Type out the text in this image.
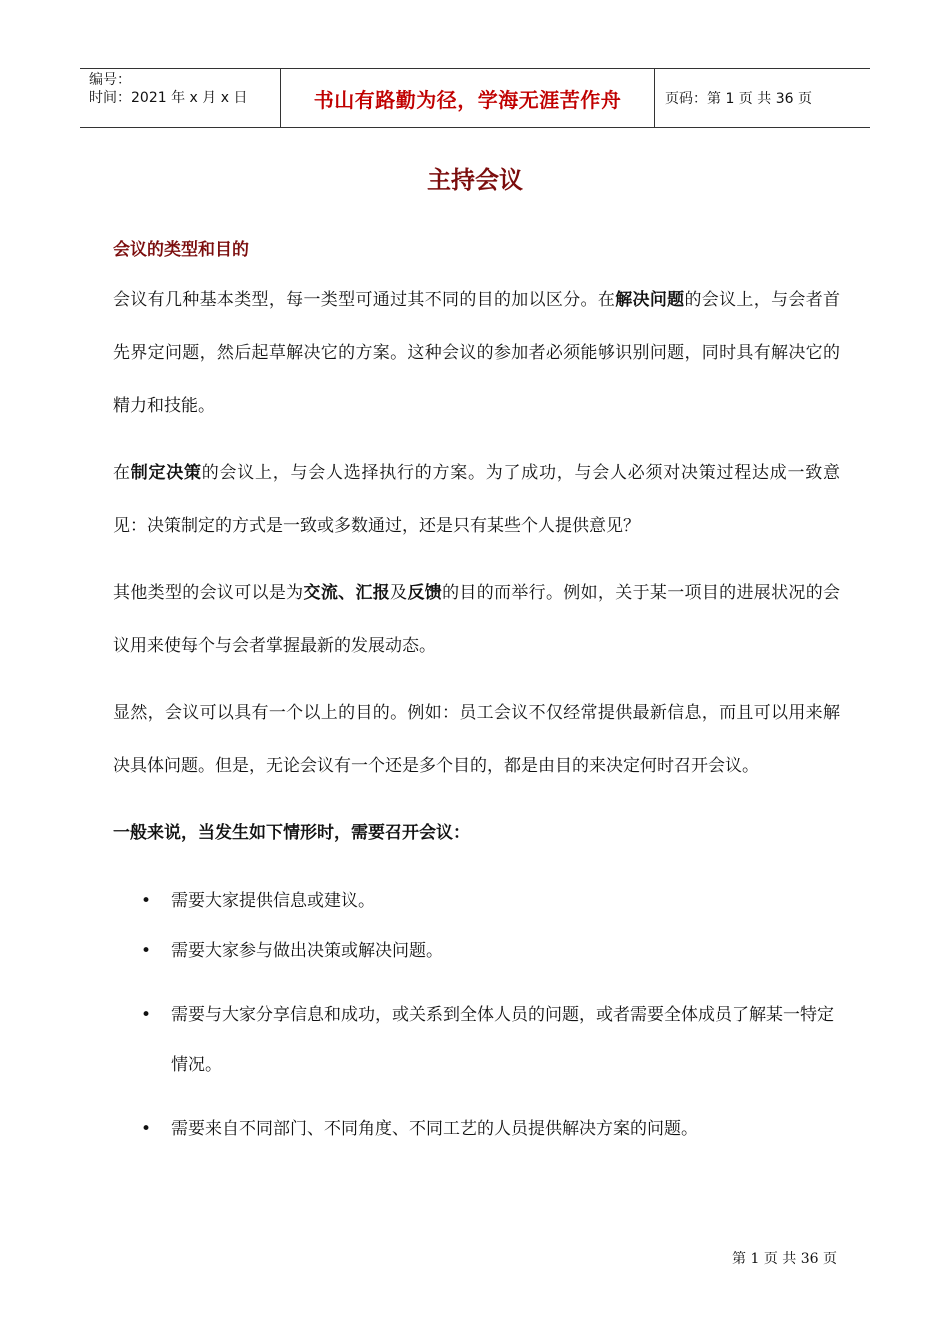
编号：
时间：2021 年 x 月 x 日	书山有路勤为径，学海无涯苦作舟	页码：第 1 页 共 36 页
主持会议
会议的类型和目的

会议有几种基本类型，每一类型可通过其不同的目的加以区分。在解决问题的会议上，与会者首先界定问题，然后起草解决它的方案。这种会议的参加者必须能够识别问题，同时具有解决它的精力和技能。

在制定决策的会议上，与会人选择执行的方案。为了成功，与会人必须对决策过程达成一致意见：决策制定的方式是一致或多数通过，还是只有某些个人提供意见？

其他类型的会议可以是为交流、汇报及反馈的目的而举行。例如，关于某一项目的进展状况的会议用来使每个与会者掌握最新的发展动态。

显然，会议可以具有一个以上的目的。例如：员工会议不仅经常提供最新信息，而且可以用来解决具体问题。但是，无论会议有一个还是多个目的，都是由目的来决定何时召开会议。

一般来说，当发生如下情形时，需要召开会议：

• 需要大家提供信息或建议。
• 需要大家参与做出决策或解决问题。
• 需要与大家分享信息和成功，或关系到全体人员的问题，或者需要全体成员了解某一特定情况。
• 需要来自不同部门、不同角度、不同工艺的人员提供解决方案的问题。
第 1 页 共 36 页
